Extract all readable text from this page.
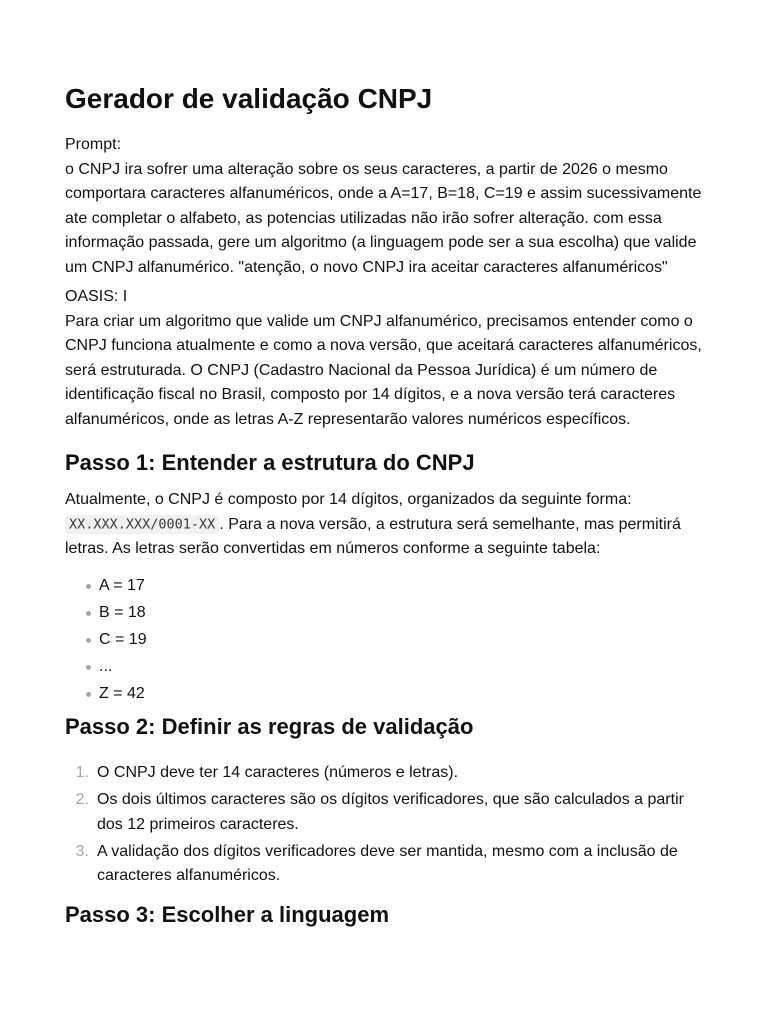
Gerador de validação CNPJ

Prompt:
o CNPJ ira sofrer uma alteração sobre os seus caracteres, a partir de 2026 o mesmo comportara caracteres alfanuméricos, onde a A=17, B=18, C=19 e assim sucessivamente ate completar o alfabeto, as potencias utilizadas não irão sofrer alteração. com essa informação passada, gere um algoritmo (a linguagem pode ser a sua escolha) que valide um CNPJ alfanumérico. "atenção, o novo CNPJ ira aceitar caracteres alfanuméricos"

OASIS: I
Para criar um algoritmo que valide um CNPJ alfanumérico, precisamos entender como o CNPJ funciona atualmente e como a nova versão, que aceitará caracteres alfanuméricos, será estruturada. O CNPJ (Cadastro Nacional da Pessoa Jurídica) é um número de identificação fiscal no Brasil, composto por 14 dígitos, e a nova versão terá caracteres alfanuméricos, onde as letras A-Z representarão valores numéricos específicos.

Passo 1: Entender a estrutura do CNPJ

Atualmente, o CNPJ é composto por 14 dígitos, organizados da seguinte forma: XX.XXX.XXX/0001-XX . Para a nova versão, a estrutura será semelhante, mas permitirá letras. As letras serão convertidas em números conforme a seguinte tabela:

A = 17
B = 18
C = 19
...
Z = 42
Passo 2: Definir as regras de validação
O CNPJ deve ter 14 caracteres (números e letras).
Os dois últimos caracteres são os dígitos verificadores, que são calculados a partir dos 12 primeiros caracteres.
A validação dos dígitos verificadores deve ser mantida, mesmo com a inclusão de caracteres alfanuméricos.
Passo 3: Escolher a linguagem
